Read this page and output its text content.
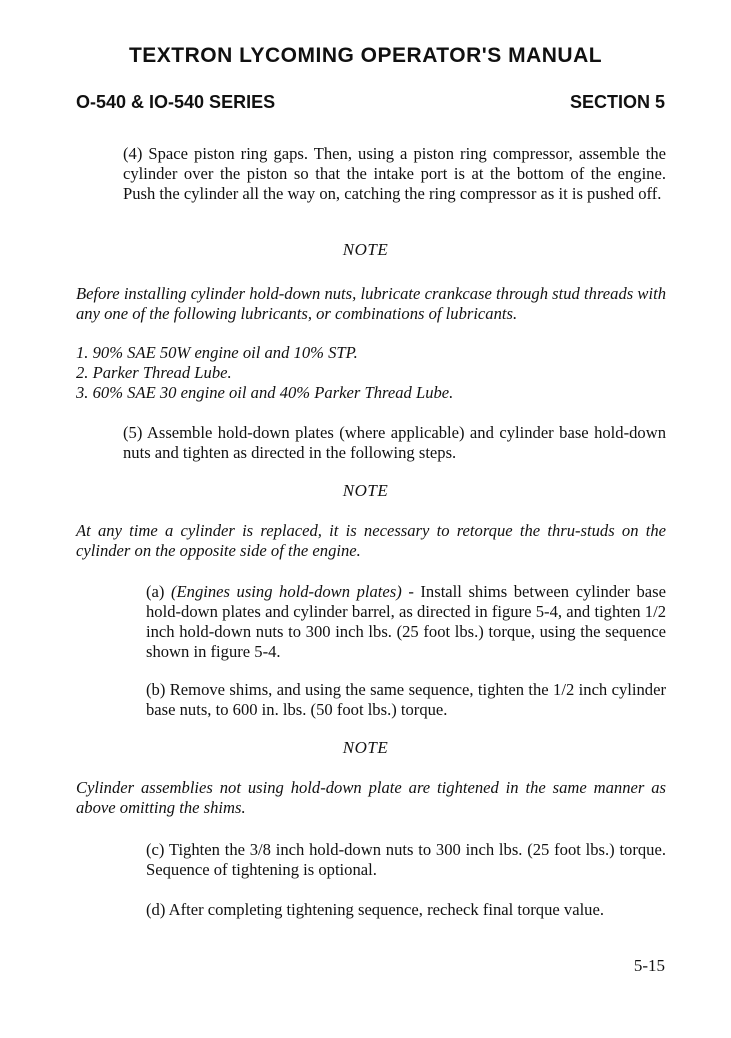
TEXTRON LYCOMING OPERATOR'S MANUAL
O-540 & IO-540 SERIES	SECTION 5
(4) Space piston ring gaps. Then, using a piston ring compressor, assemble the cylinder over the piston so that the intake port is at the bottom of the engine. Push the cylinder all the way on, catching the ring compressor as it is pushed off.
NOTE
Before installing cylinder hold-down nuts, lubricate crankcase through stud threads with any one of the following lubricants, or combinations of lubricants.
1. 90% SAE 50W engine oil and 10% STP.
2. Parker Thread Lube.
3. 60% SAE 30 engine oil and 40% Parker Thread Lube.
(5) Assemble hold-down plates (where applicable) and cylinder base hold-down nuts and tighten as directed in the following steps.
NOTE
At any time a cylinder is replaced, it is necessary to retorque the thru-studs on the cylinder on the opposite side of the engine.
(a) (Engines using hold-down plates) - Install shims between cylinder base hold-down plates and cylinder barrel, as directed in figure 5-4, and tighten 1/2 inch hold-down nuts to 300 inch lbs. (25 foot lbs.) torque, using the sequence shown in figure 5-4.
(b) Remove shims, and using the same sequence, tighten the 1/2 inch cylinder base nuts, to 600 in. lbs. (50 foot lbs.) torque.
NOTE
Cylinder assemblies not using hold-down plate are tightened in the same manner as above omitting the shims.
(c) Tighten the 3/8 inch hold-down nuts to 300 inch lbs. (25 foot lbs.) torque. Sequence of tightening is optional.
(d) After completing tightening sequence, recheck final torque value.
5-15
